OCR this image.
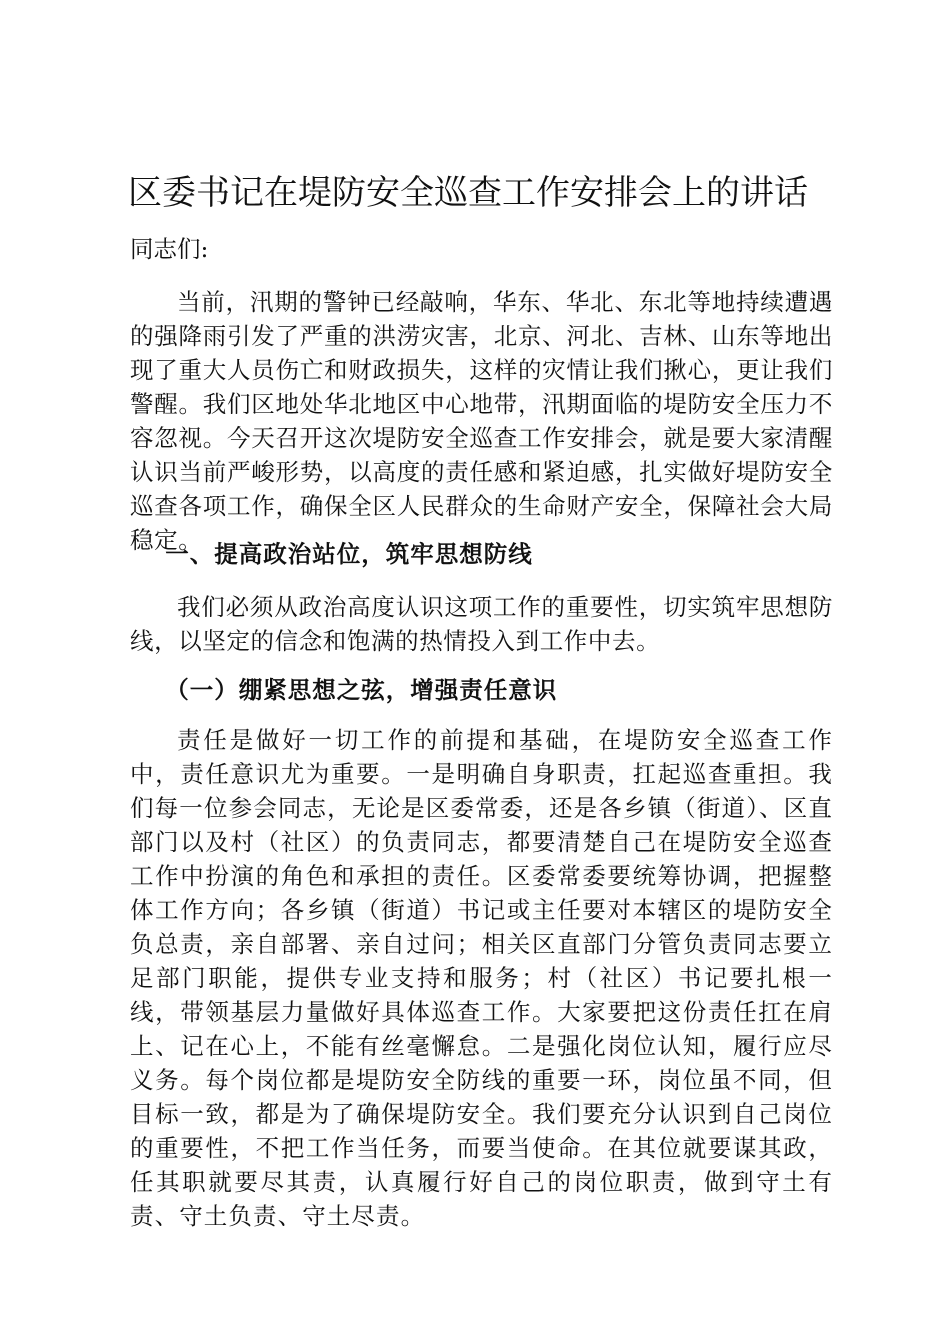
区委书记在堤防安全巡查工作安排会上的讲话

同志们:

当前，汛期的警钟已经敲响，华东、华北、东北等地持续遭遇的强降雨引发了严重的洪涝灾害，北京、河北、吉林、山东等地出现了重大人员伤亡和财政损失，这样的灾情让我们揪心，更让我们警醒。我们区地处华北地区中心地带，汛期面临的堤防安全压力不容忽视。今天召开这次堤防安全巡查工作安排会，就是要大家清醒认识当前严峻形势，以高度的责任感和紧迫感，扎实做好堤防安全巡查各项工作，确保全区人民群众的生命财产安全，保障社会大局稳定。

一、提高政治站位，筑牢思想防线

我们必须从政治高度认识这项工作的重要性，切实筑牢思想防线，以坚定的信念和饱满的热情投入到工作中去。

（一）绷紧思想之弦，增强责任意识

责任是做好一切工作的前提和基础，在堤防安全巡查工作中，责任意识尤为重要。一是明确自身职责，扛起巡查重担。我们每一位参会同志，无论是区委常委，还是各乡镇（街道）、区直部门以及村（社区）的负责同志，都要清楚自己在堤防安全巡查工作中扮演的角色和承担的责任。区委常委要统筹协调，把握整体工作方向；各乡镇（街道）书记或主任要对本辖区的堤防安全负总责，亲自部署、亲自过问；相关区直部门分管负责同志要立足部门职能，提供专业支持和服务；村（社区）书记要扎根一线，带领基层力量做好具体巡查工作。大家要把这份责任扛在肩上、记在心上，不能有丝毫懈怠。二是强化岗位认知，履行应尽义务。每个岗位都是堤防安全防线的重要一环，岗位虽不同，但目标一致，都是为了确保堤防安全。我们要充分认识到自己岗位的重要性，不把工作当任务，而要当使命。在其位就要谋其政，任其职就要尽其责，认真履行好自己的岗位职责，做到守土有责、守土负责、守土尽责。
